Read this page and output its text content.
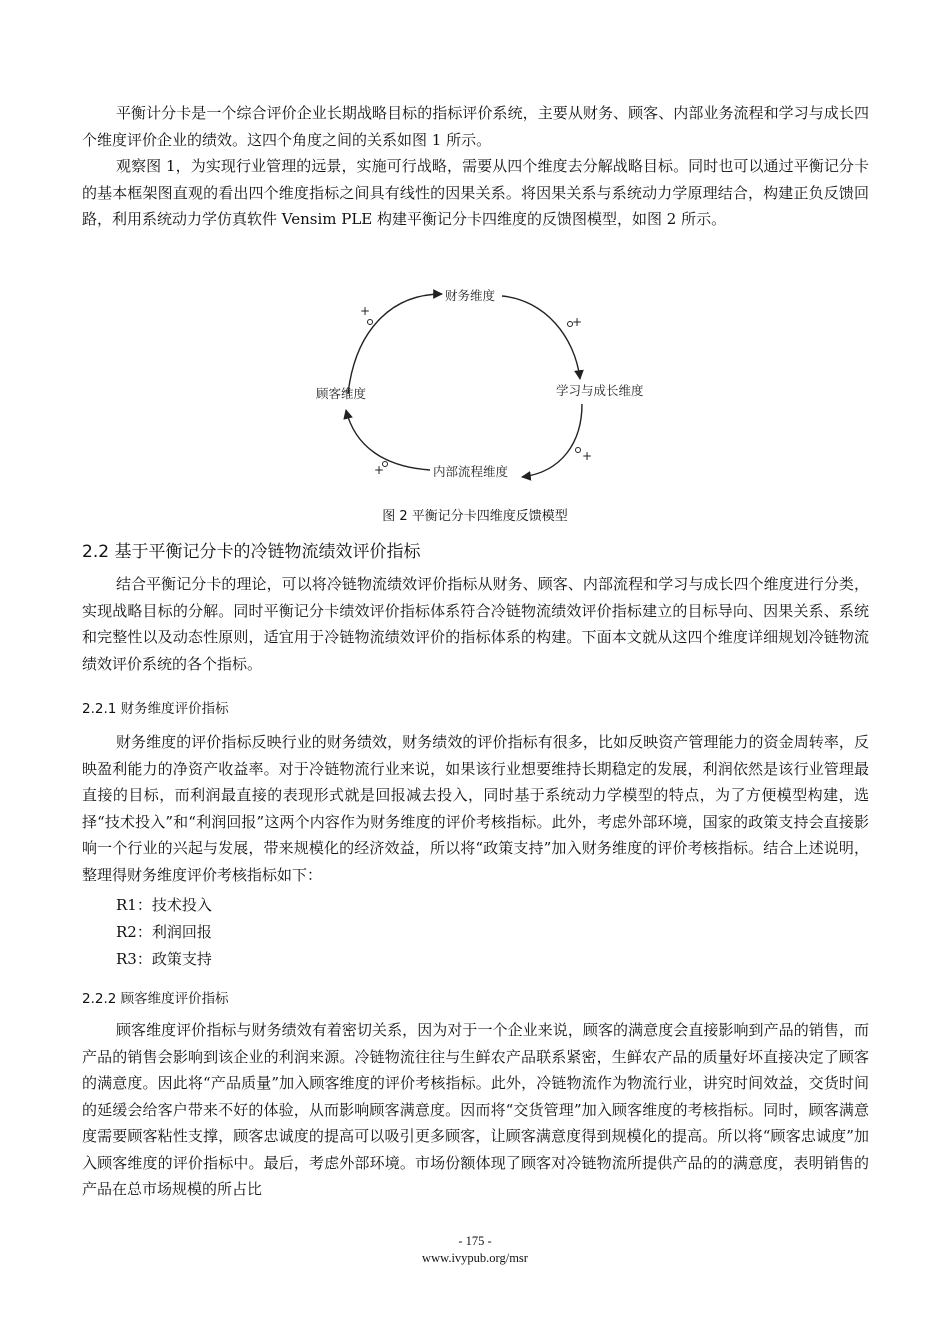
平衡计分卡是一个综合评价企业长期战略目标的指标评价系统，主要从财务、顾客、内部业务流程和学习与成长四个维度评价企业的绩效。这四个角度之间的关系如图 1 所示。

观察图 1，为实现行业管理的远景，实施可行战略，需要从四个维度去分解战略目标。同时也可以通过平衡记分卡的基本框架图直观的看出四个维度指标之间具有线性的因果关系。将因果关系与系统动力学原理结合，构建正负反馈回路，利用系统动力学仿真软件 Vensim PLE 构建平衡记分卡四维度的反馈图模型，如图 2 所示。

+
+
+
+
财务维度
学习与成长维度
内部流程维度
顾客维度
图 2 平衡记分卡四维度反馈模型
2.2 基于平衡记分卡的冷链物流绩效评价指标

结合平衡记分卡的理论，可以将冷链物流绩效评价指标从财务、顾客、内部流程和学习与成长四个维度进行分类，实现战略目标的分解。同时平衡记分卡绩效评价指标体系符合冷链物流绩效评价指标建立的目标导向、因果关系、系统和完整性以及动态性原则，适宜用于冷链物流绩效评价的指标体系的构建。下面本文就从这四个维度详细规划冷链物流绩效评价系统的各个指标。

2.2.1 财务维度评价指标

财务维度的评价指标反映行业的财务绩效，财务绩效的评价指标有很多，比如反映资产管理能力的资金周转率，反映盈利能力的净资产收益率。对于冷链物流行业来说，如果该行业想要维持长期稳定的发展，利润依然是该行业管理最直接的目标，而利润最直接的表现形式就是回报减去投入，同时基于系统动力学模型的特点，为了方便模型构建，选择“技术投入”和“利润回报”这两个内容作为财务维度的评价考核指标。此外，考虑外部环境，国家的政策支持会直接影响一个行业的兴起与发展，带来规模化的经济效益，所以将“政策支持”加入财务维度的评价考核指标。结合上述说明，整理得财务维度评价考核指标如下：

R1：技术投入
R2：利润回报
R3：政策支持
2.2.2 顾客维度评价指标

顾客维度评价指标与财务绩效有着密切关系，因为对于一个企业来说，顾客的满意度会直接影响到产品的销售，而产品的销售会影响到该企业的利润来源。冷链物流往往与生鲜农产品联系紧密，生鲜农产品的质量好坏直接决定了顾客的满意度。因此将“产品质量”加入顾客维度的评价考核指标。此外，冷链物流作为物流行业，讲究时间效益，交货时间的延缓会给客户带来不好的体验，从而影响顾客满意度。因而将“交货管理”加入顾客维度的考核指标。同时，顾客满意度需要顾客粘性支撑，顾客忠诚度的提高可以吸引更多顾客，让顾客满意度得到规模化的提高。所以将“顾客忠诚度”加入顾客维度的评价指标中。最后，考虑外部环境。市场份额体现了顾客对冷链物流所提供产品的的满意度，表明销售的产品在总市场规模的所占比

- 175 -
www.ivypub.org/msr
